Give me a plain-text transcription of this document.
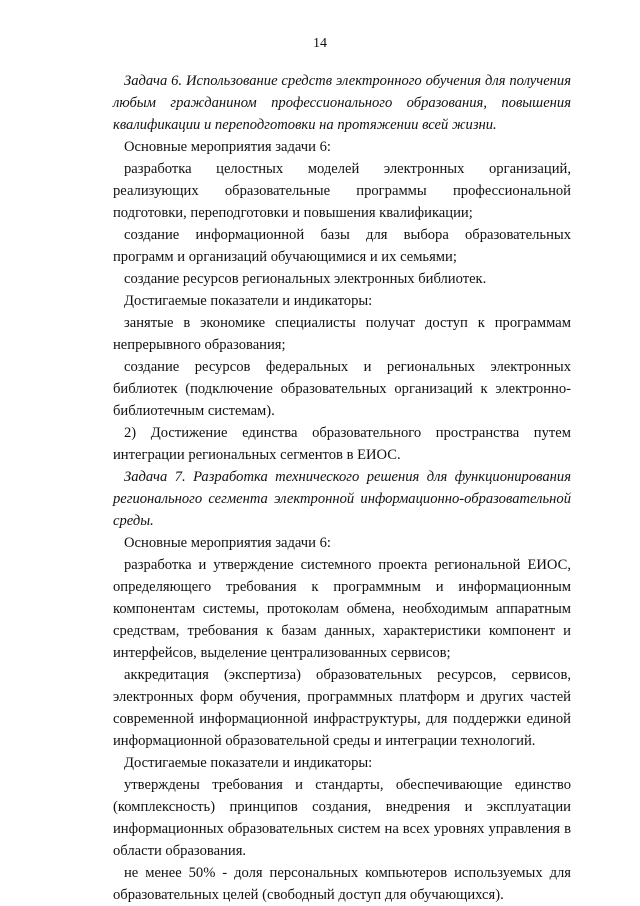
14

Задача 6. Использование средств электронного обучения для получения любым гражданином профессионального образования, повышения квалификации и переподготовки на протяжении всей жизни.

Основные мероприятия задачи 6:

разработка целостных моделей электронных организаций, реализующих образовательные программы профессиональной подготовки, переподготовки и повышения квалификации;

создание информационной базы для выбора образовательных программ и организаций обучающимися и их семьями;

создание ресурсов региональных электронных библиотек.

Достигаемые показатели и индикаторы:

занятые в экономике специалисты получат доступ к программам непрерывного образования;

создание ресурсов федеральных и региональных электронных библиотек (подключение образовательных организаций к электронно-библиотечным системам).

2) Достижение единства образовательного пространства путем интеграции региональных сегментов в ЕИОС.

Задача 7. Разработка технического решения для функционирования регионального сегмента электронной информационно-образовательной среды.

Основные мероприятия задачи 6:

разработка и утверждение системного проекта региональной ЕИОС, определяющего требования к программным и информационным компонентам системы, протоколам обмена, необходимым аппаратным средствам, требования к базам данных, характеристики компонент и интерфейсов, выделение централизованных сервисов;

аккредитация (экспертиза) образовательных ресурсов, сервисов, электронных форм обучения, программных платформ и других частей современной информационной инфраструктуры, для поддержки единой информационной образовательной среды и интеграции технологий.

Достигаемые показатели и индикаторы:

утверждены требования и стандарты, обеспечивающие единство (комплексность) принципов создания, внедрения и эксплуатации информационных образовательных систем на всех уровнях управления в области образования.

не менее 50% - доля персональных компьютеров используемых для образовательных целей (свободный доступ для обучающихся).
